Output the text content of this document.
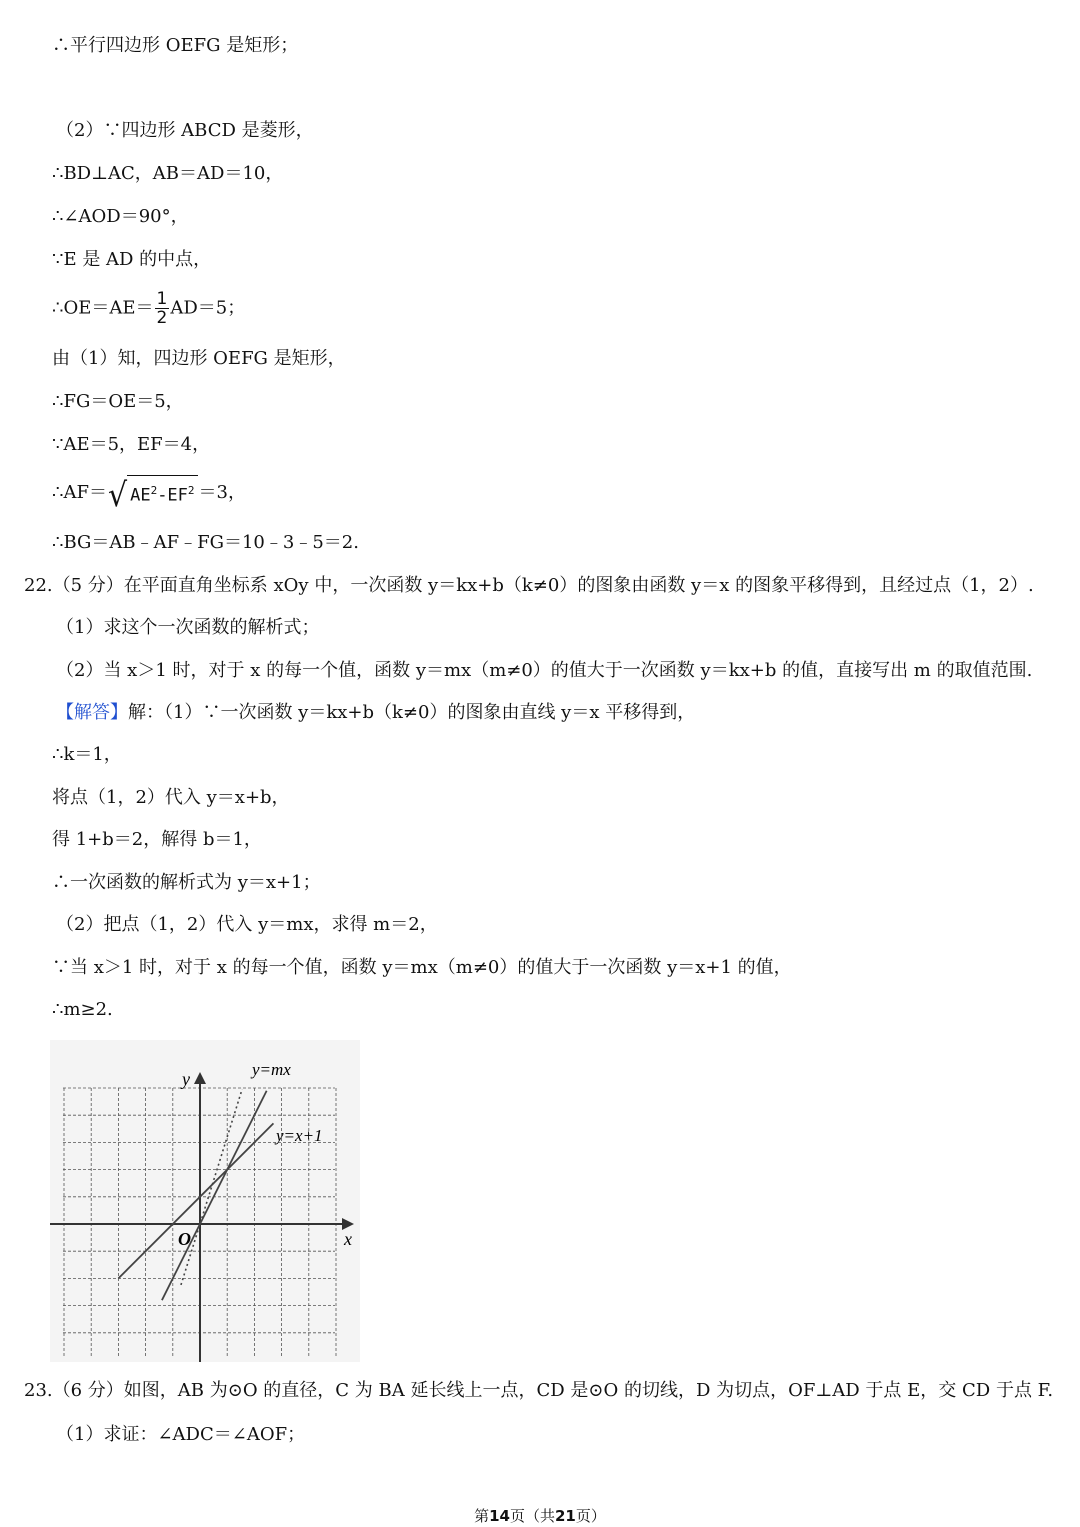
∴平行四边形 OEFG 是矩形；
（2）∵四边形 ABCD 是菱形，
∴BD⊥AC，AB＝AD＝10，
∴∠AOD＝90°，
∵E 是 AD 的中点，
∴OE＝AE＝ $\frac{1}{2} AD=5$；
由（1）知，四边形 OEFG 是矩形，
∴FG＝OE＝5，
∵AE＝5，EF＝4，
∴AF＝ √ $AE^2-EF^2 =3$，
∴BG＝AB﹣AF﹣FG＝10﹣3﹣5＝2.
22.（5 分）在平面直角坐标系 xOy 中，一次函数 y＝kx+b（k≠0）的图象由函数 y＝x 的图象平移得到，且经过点（1，2）.
（1）求这个一次函数的解析式；
（2）当 x＞1 时，对于 x 的每一个值，函数 y＝mx（m≠0）的值大于一次函数 y＝kx+b 的值，直接写出 m 的取值范围.
【解答】解：（1）∵一次函数 y＝kx+b（k≠0）的图象由直线 y＝x 平移得到，
∴k＝1，
将点（1，2）代入 y＝x+b，
得 1+b＝2，解得 b＝1，
∴一次函数的解析式为 y＝x+1；
（2）把点（1，2）代入 y＝mx，求得 m＝2，
∵当 x＞1 时，对于 x 的每一个值，函数 y＝mx（m≠0）的值大于一次函数 y＝x+1 的值，
∴m≥2.
y
x
O
y=mx
y=x+1
23.（6 分）如图，AB 为⊙O 的直径，C 为 BA 延长线上一点，CD 是⊙O 的切线，D 为切点，OF⊥AD 于点 E，交 CD 于点 F.
（1）求证：∠ADC＝∠AOF；
第14页（共21页）
